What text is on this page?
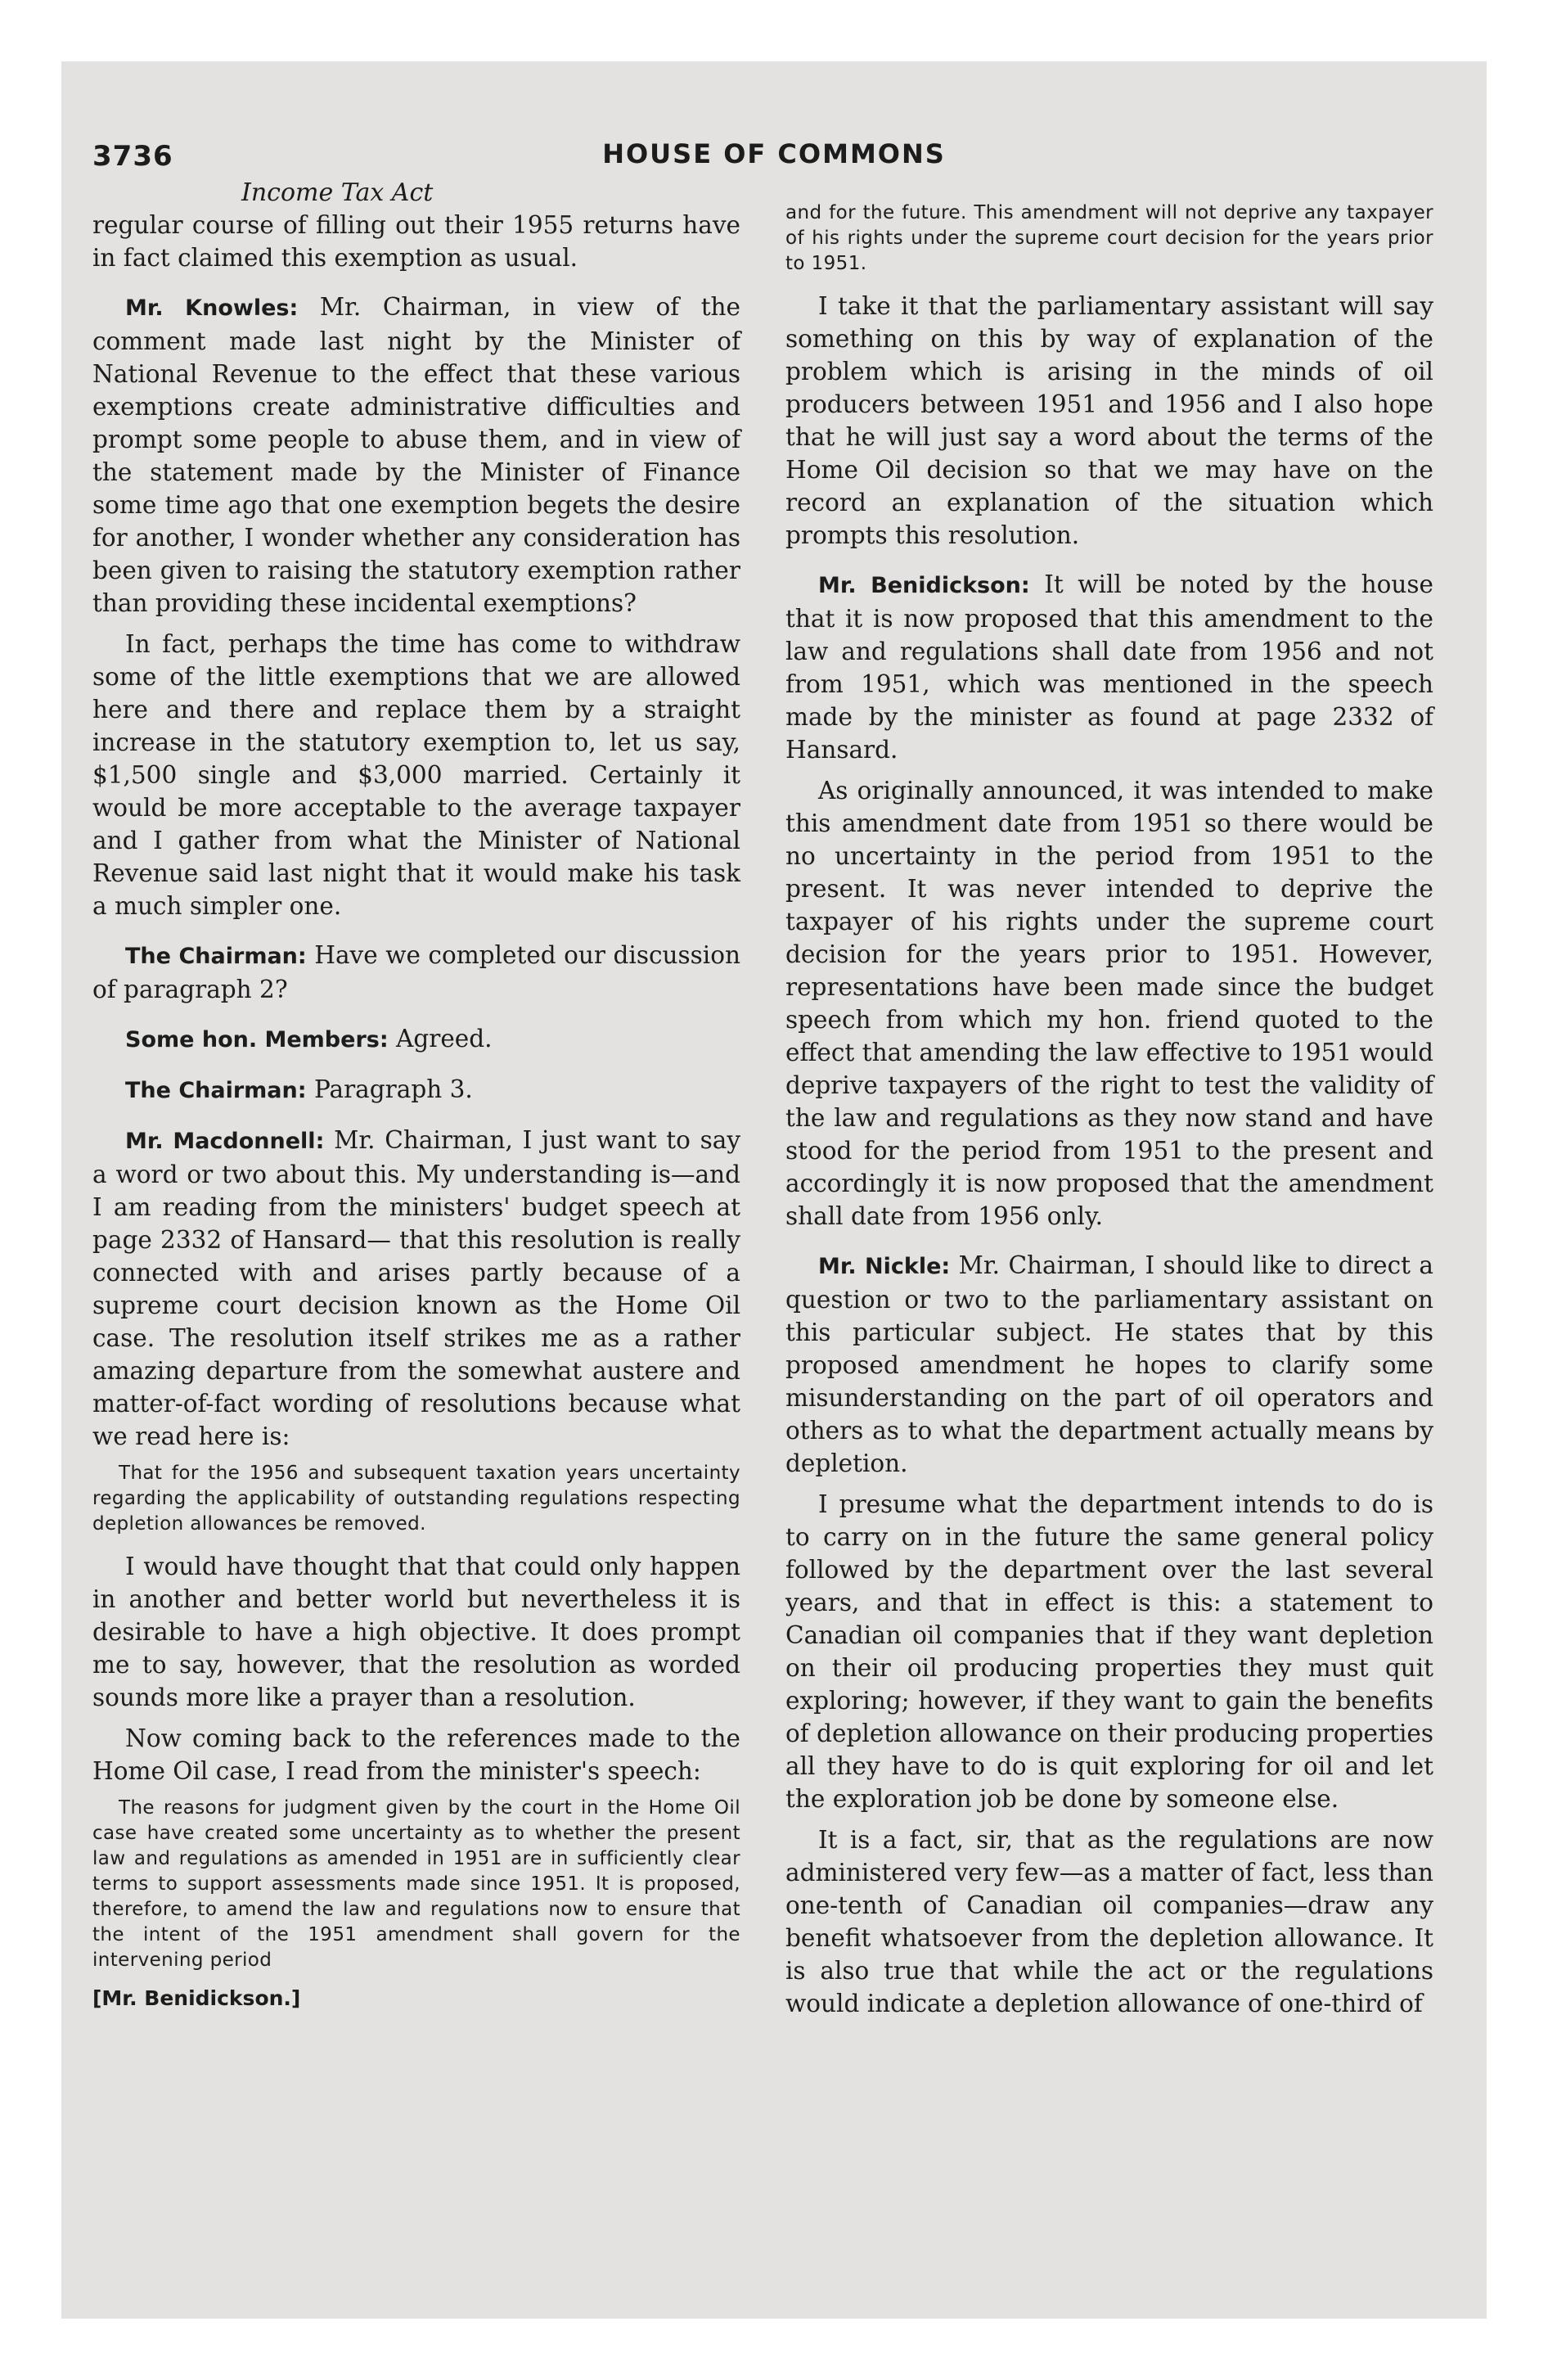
3736	HOUSE OF COMMONS
Income Tax Act

regular course of filling out their 1955 returns have in fact claimed this exemption as usual.

Mr. Knowles: Mr. Chairman, in view of the comment made last night by the Minister of National Revenue to the effect that these various exemptions create administrative difficulties and prompt some people to abuse them, and in view of the statement made by the Minister of Finance some time ago that one exemption begets the desire for another, I wonder whether any consideration has been given to raising the statutory exemption rather than providing these incidental exemptions?

In fact, perhaps the time has come to withdraw some of the little exemptions that we are allowed here and there and replace them by a straight increase in the statutory exemption to, let us say, $1,500 single and $3,000 married. Certainly it would be more acceptable to the average taxpayer and I gather from what the Minister of National Revenue said last night that it would make his task a much simpler one.

The Chairman: Have we completed our discussion of paragraph 2?

Some hon. Members: Agreed.

The Chairman: Paragraph 3.

Mr. Macdonnell: Mr. Chairman, I just want to say a word or two about this. My understanding is—and I am reading from the ministers' budget speech at page 2332 of Hansard— that this resolution is really connected with and arises partly because of a supreme court decision known as the Home Oil case. The resolution itself strikes me as a rather amazing departure from the somewhat austere and matter-of-fact wording of resolutions because what we read here is:

That for the 1956 and subsequent taxation years uncertainty regarding the applicability of outstanding regulations respecting depletion allowances be removed.

I would have thought that that could only happen in another and better world but nevertheless it is desirable to have a high objective. It does prompt me to say, however, that the resolution as worded sounds more like a prayer than a resolution.

Now coming back to the references made to the Home Oil case, I read from the minister's speech:

The reasons for judgment given by the court in the Home Oil case have created some uncertainty as to whether the present law and regulations as amended in 1951 are in sufficiently clear terms to support assessments made since 1951. It is proposed, therefore, to amend the law and regulations now to ensure that the intent of the 1951 amendment shall govern for the intervening period

[Mr. Benidickson.]

and for the future. This amendment will not deprive any taxpayer of his rights under the supreme court decision for the years prior to 1951.

I take it that the parliamentary assistant will say something on this by way of explanation of the problem which is arising in the minds of oil producers between 1951 and 1956 and I also hope that he will just say a word about the terms of the Home Oil decision so that we may have on the record an explanation of the situation which prompts this resolution.

Mr. Benidickson: It will be noted by the house that it is now proposed that this amendment to the law and regulations shall date from 1956 and not from 1951, which was mentioned in the speech made by the minister as found at page 2332 of Hansard.

As originally announced, it was intended to make this amendment date from 1951 so there would be no uncertainty in the period from 1951 to the present. It was never intended to deprive the taxpayer of his rights under the supreme court decision for the years prior to 1951. However, representations have been made since the budget speech from which my hon. friend quoted to the effect that amending the law effective to 1951 would deprive taxpayers of the right to test the validity of the law and regulations as they now stand and have stood for the period from 1951 to the present and accordingly it is now proposed that the amendment shall date from 1956 only.

Mr. Nickle: Mr. Chairman, I should like to direct a question or two to the parliamentary assistant on this particular subject. He states that by this proposed amendment he hopes to clarify some misunderstanding on the part of oil operators and others as to what the department actually means by depletion.

I presume what the department intends to do is to carry on in the future the same general policy followed by the department over the last several years, and that in effect is this: a statement to Canadian oil companies that if they want depletion on their oil producing properties they must quit exploring; however, if they want to gain the benefits of depletion allowance on their producing properties all they have to do is quit exploring for oil and let the exploration job be done by someone else.

It is a fact, sir, that as the regulations are now administered very few—as a matter of fact, less than one-tenth of Canadian oil companies—draw any benefit whatsoever from the depletion allowance. It is also true that while the act or the regulations would indicate a depletion allowance of one-third of
